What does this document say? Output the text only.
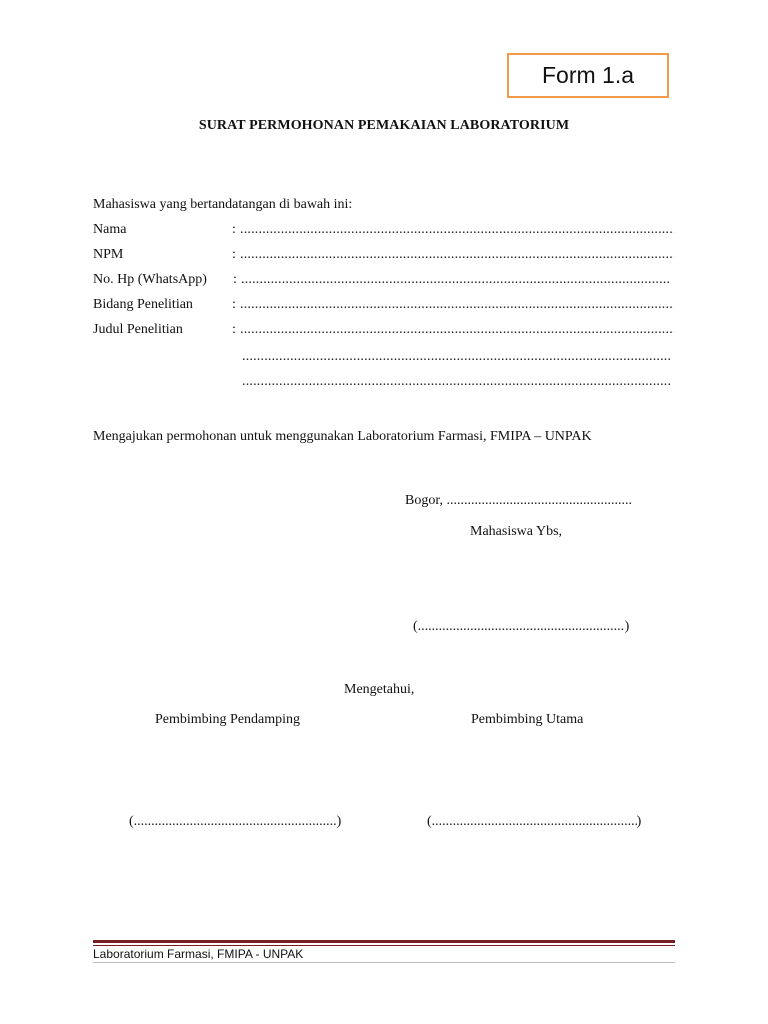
Form 1.a
SURAT PERMOHONAN PEMAKAIAN LABORATORIUM
Mahasiswa yang bertandatangan di bawah ini:
Nama	:
.....
NPM	:
.....
No. Hp (WhatsApp) :
.....
Bidang Penelitian	:
.....
Judul Penelitian	:
.....
.....
.....
Mengajukan permohonan untuk menggunakan Laboratorium Farmasi, FMIPA – UNPAK
Bogor, .....
Mahasiswa Ybs,
( .....	)
Mengetahui,
Pembimbing Pendamping	Pembimbing Utama
( .....	)	( .....	)
Laboratorium Farmasi, FMIPA - UNPAK
